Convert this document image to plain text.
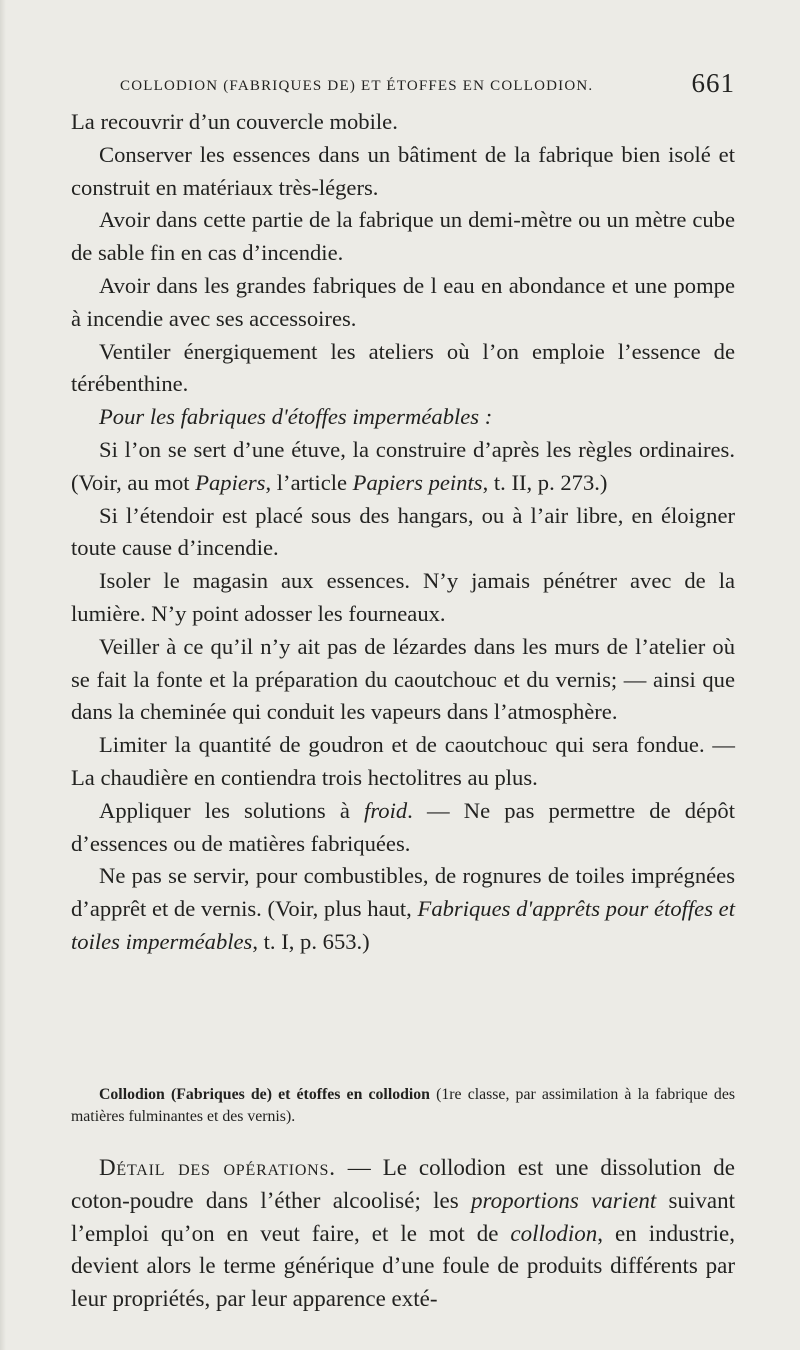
COLLODION (FABRIQUES DE) ET ÉTOFFES EN COLLODION.	661

La recouvrir d’un couvercle mobile.

Conserver les essences dans un bâtiment de la fabrique bien isolé et construit en matériaux très-légers.

Avoir dans cette partie de la fabrique un demi-mètre ou un mètre cube de sable fin en cas d’incendie.

Avoir dans les grandes fabriques de l eau en abondance et une pompe à incendie avec ses accessoires.

Ventiler énergiquement les ateliers où l’on emploie l’essence de térébenthine.

Pour les fabriques d'étoffes imperméables :

Si l’on se sert d’une étuve, la construire d’après les règles ordinaires. (Voir, au mot Papiers, l’article Papiers peints, t. II, p. 273.)

Si l’étendoir est placé sous des hangars, ou à l’air libre, en éloigner toute cause d’incendie.

Isoler le magasin aux essences. N’y jamais pénétrer avec de la lumière. N’y point adosser les fourneaux.

Veiller à ce qu’il n’y ait pas de lézardes dans les murs de l’atelier où se fait la fonte et la préparation du caoutchouc et du vernis; — ainsi que dans la cheminée qui conduit les vapeurs dans l’atmosphère.

Limiter la quantité de goudron et de caoutchouc qui sera fondue. — La chaudière en contiendra trois hectolitres au plus.

Appliquer les solutions à froid. — Ne pas permettre de dépôt d’essences ou de matières fabriquées.

Ne pas se servir, pour combustibles, de rognures de toiles imprégnées d’apprêt et de vernis. (Voir, plus haut, Fabriques d'apprêts pour étoffes et toiles imperméables, t. I, p. 653.)

Collodion (Fabriques de) et étoffes en collodion (1re classe, par assimilation à la fabrique des matières fulminantes et des vernis).

Détail des opérations. — Le collodion est une dissolution de coton-poudre dans l’éther alcoolisé; les proportions varient suivant l’emploi qu’on en veut faire, et le mot de collodion, en industrie, devient alors le terme générique d’une foule de produits différents par leur propriétés, par leur apparence exté-
